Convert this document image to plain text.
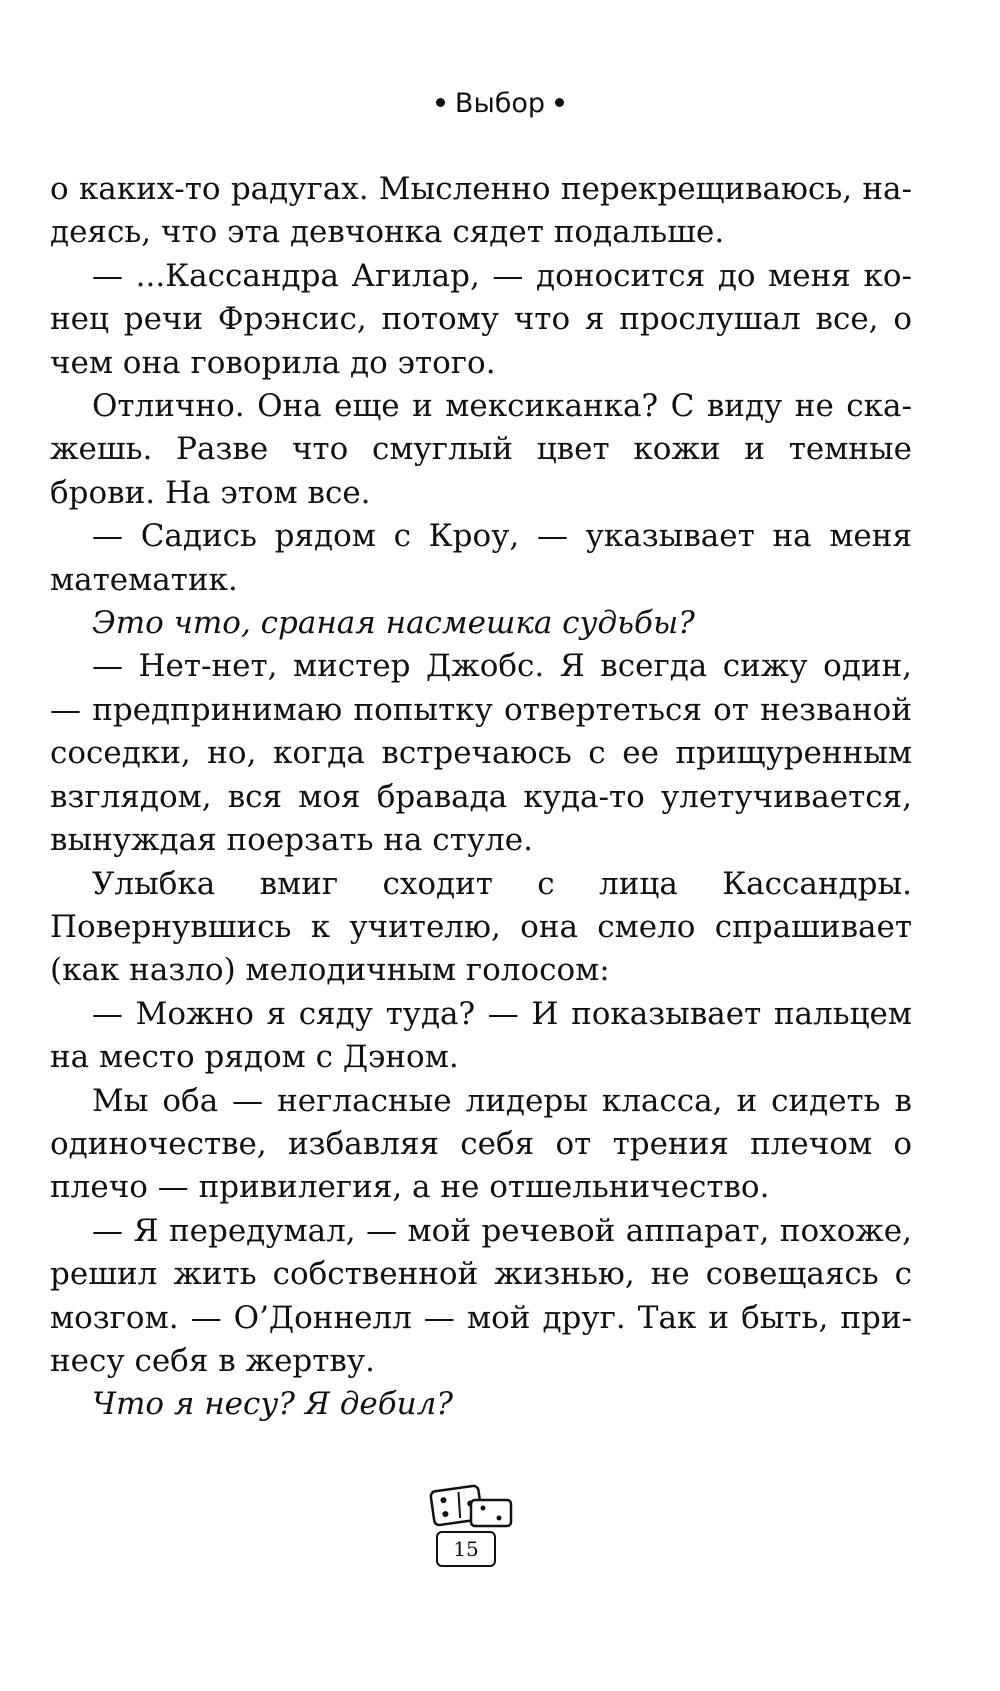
Выбор

о каких-то радугах. Мысленно перекрещиваюсь, надеясь, что эта девчонка сядет подальше.

— ...Кассандра Агилар, — доносится до меня конец речи Фрэнсис, потому что я прослушал все, о чем она говорила до этого.

Отлично. Она еще и мексиканка? С виду не скажешь. Разве что смуглый цвет кожи и темные брови. На этом все.

— Садись рядом с Кроу, — указывает на меня математик.

Это что, сраная насмешка судьбы?

— Нет-нет, мистер Джобс. Я всегда сижу один, — предпринимаю попытку отвертеться от незваной соседки, но, когда встречаюсь с ее прищуренным взглядом, вся моя бравада куда-то улетучивается, вынуждая поерзать на стуле.

Улыбка вмиг сходит с лица Кассандры. Повернувшись к учителю, она смело спрашивает (как назло) мелодичным голосом:

— Можно я сяду туда? — И показывает пальцем на место рядом с Дэном.

Мы оба — негласные лидеры класса, и сидеть в одиночестве, избавляя себя от трения плечом о плечо — привилегия, а не отшельничество.

— Я передумал, — мой речевой аппарат, похоже, решил жить собственной жизнью, не совещаясь с мозгом. — О’Доннелл — мой друг. Так и быть, принесу себя в жертву.

Что я несу? Я дебил?

15
